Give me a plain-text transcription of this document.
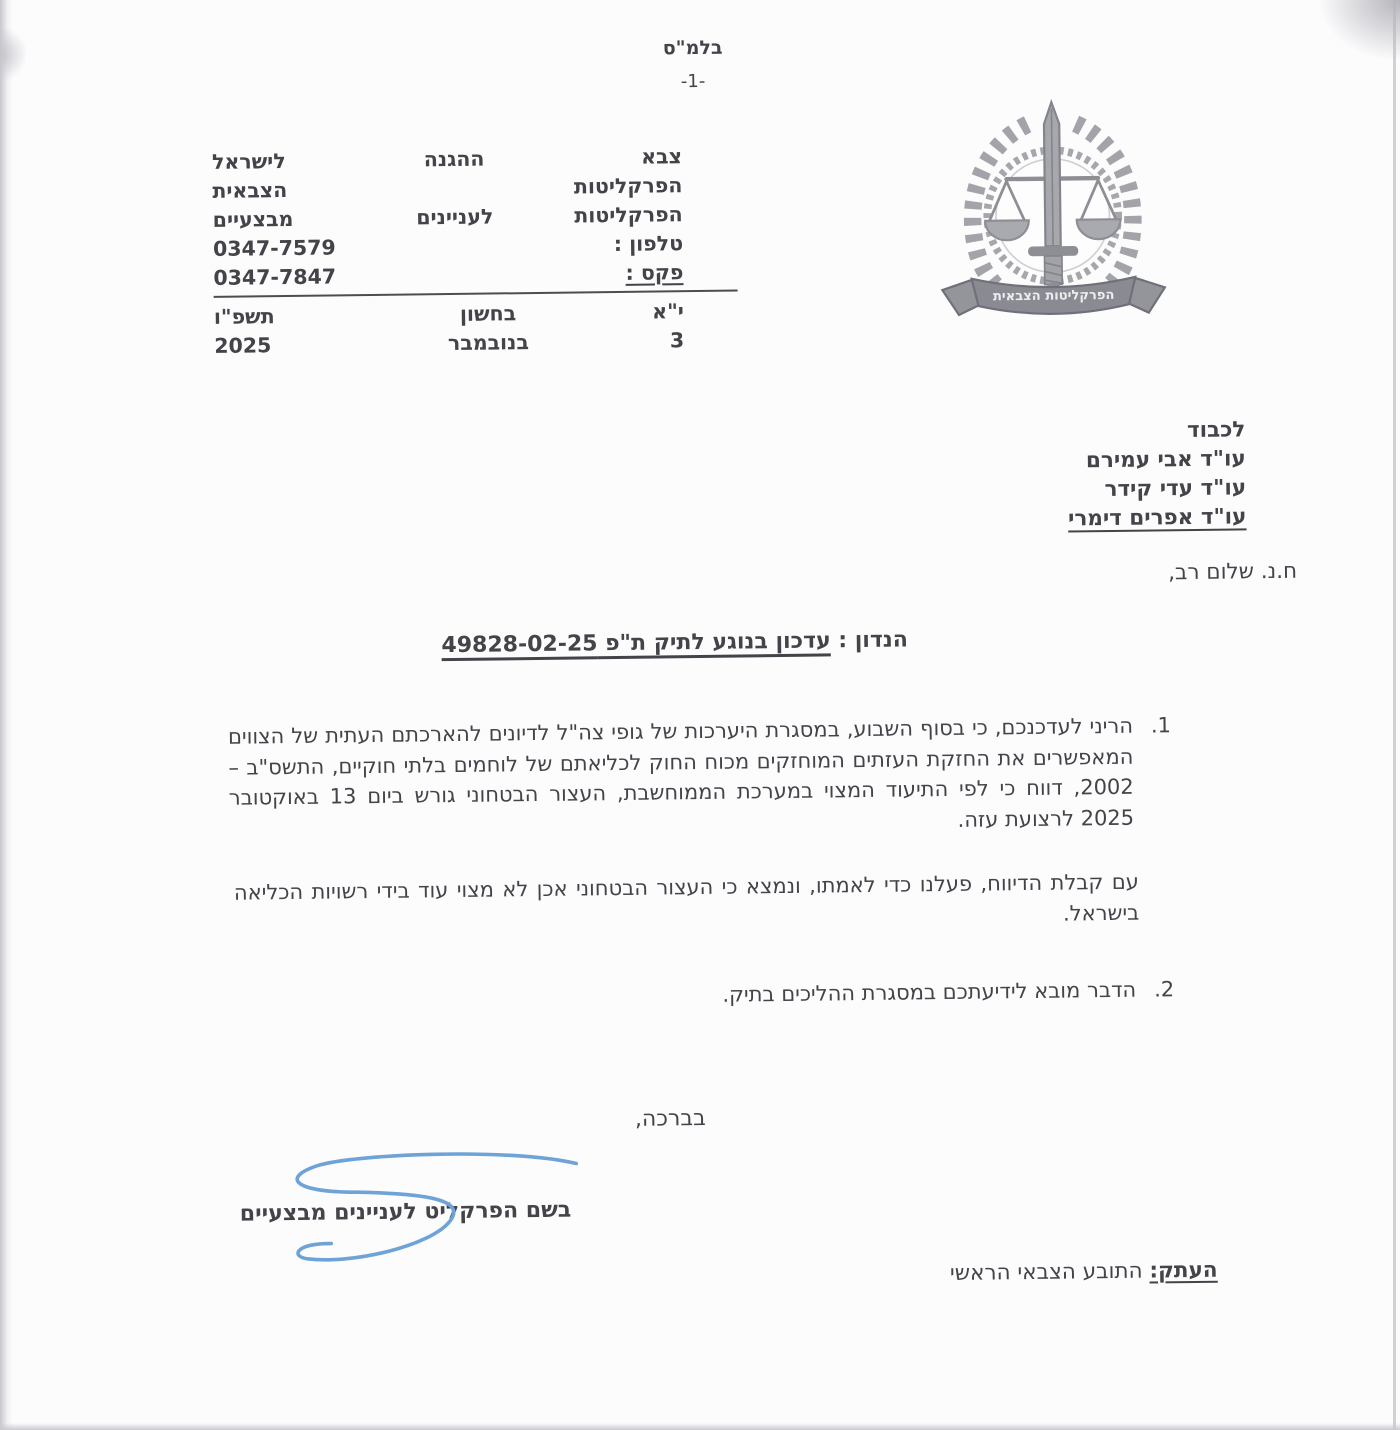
בלמ"ס
-1-
צבא
ההגנה
לישראל
הפרקליטות
הצבאית
הפרקליטות
לעניינים
מבצעיים
טלפון :
0347-7579
פקס :
0347-7847
י"א
בחשון
תשפ"ו
3
בנובמבר
2025
הפרקליטות הצבאית
לכבוד
עו"ד אבי עמירם
עו"ד עדי קידר
עו"ד אפרים דימרי
ח.נ. שלום רב,
הנדון : עדכון בנוגע לתיק ת"פ 49828-02-25
1.
הריני לעדכנכם, כי בסוף השבוע, במסגרת היערכות של גופי צה"ל לדיונים להארכתם העתית של הצווים המאפשרים את החזקת העזתים המוחזקים מכוח החוק לכליאתם של לוחמים בלתי חוקיים, התשס"ב – 2002, דווח כי לפי התיעוד המצוי במערכת הממוחשבת, העצור הבטחוני גורש ביום 13 באוקטובר 2025 לרצועת עזה.
עם קבלת הדיווח, פעלנו כדי לאמתו, ונמצא כי העצור הבטחוני אכן לא מצוי עוד בידי רשויות הכליאה בישראל.
2.
הדבר מובא לידיעתכם במסגרת ההליכים בתיק.
בברכה,
בשם הפרקליט לעניינים מבצעיים
העתק: התובע הצבאי הראשי
